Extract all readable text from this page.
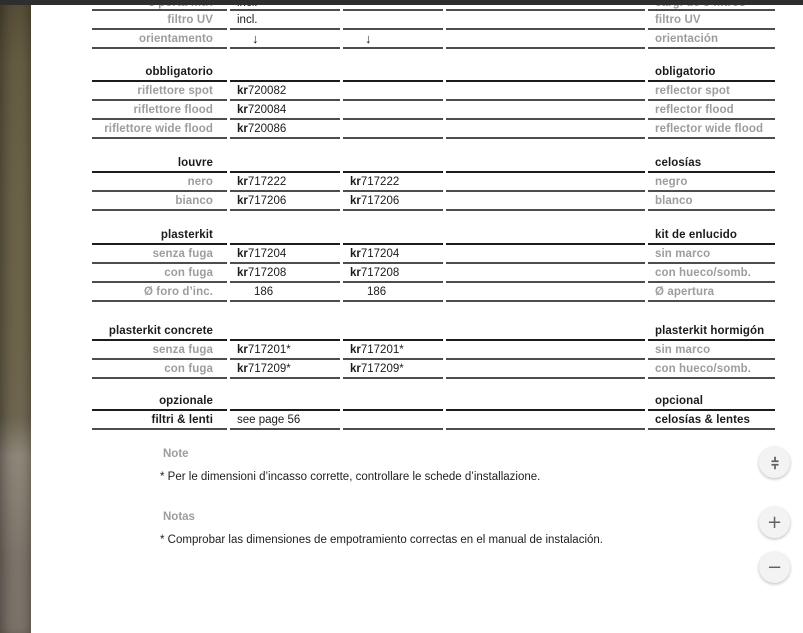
filtro UV	incl.	filtro UV
orientamento	↓	↓	orientación
obbligatorio	obligatorio
riflettore spot	kr 720082	reflector spot
riflettore flood	kr 720084	reflector flood
riflettore wide flood	kr 720086	reflector wide flood
louvre	celosías
nero	kr 717222	kr 717222	negro
bianco	kr 717206	kr 717206	blanco
plasterkit	kit de enlucido
senza fuga	kr 717204	kr 717204	sin marco
con fuga	kr 717208	kr 717208	con hueco/somb.
Ø foro d’inc.	186	186	Ø apertura
plasterkit concrete	plasterkit hormigón
senza fuga	kr 717201*	kr 717201*	sin marco
con fuga	kr 717209*	kr 717209*	con hueco/somb.
opzionale	opcional
filtri & lenti	see page 56	celosías & lentes
Note
* Per le dimensioni d’incasso corrette, controllare le schede d’installazione.
Notas
* Comprobar las dimensiones de empotramiento correctas en el manual de instalación.
+
−
